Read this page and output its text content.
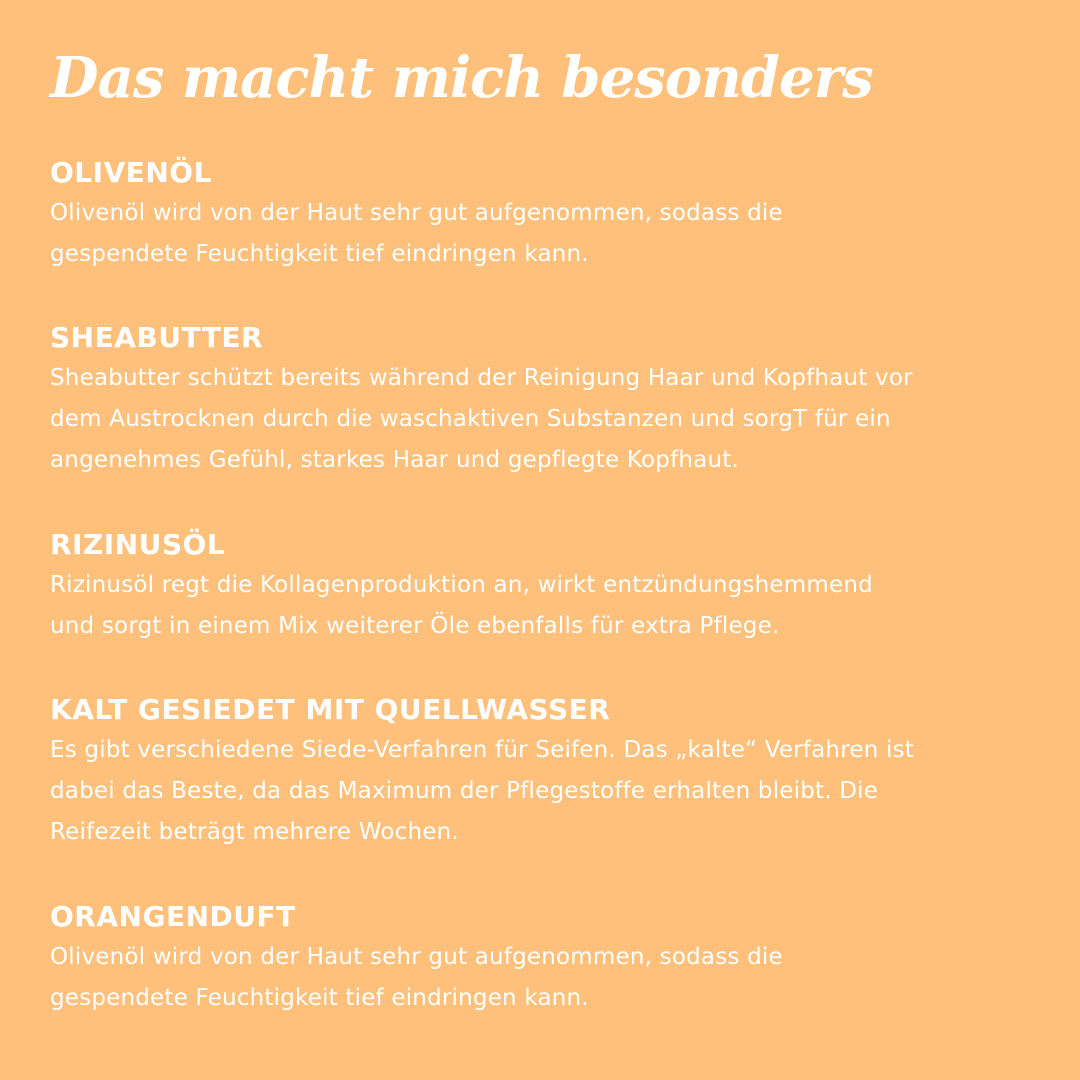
Das macht mich besonders
OLIVENÖL
Olivenöl wird von der Haut sehr gut aufgenommen, sodass die
gespendete Feuchtigkeit tief eindringen kann.
SHEABUTTER
Sheabutter schützt bereits während der Reinigung Haar und Kopfhaut vor
dem Austrocknen durch die waschaktiven Substanzen und sorgT für ein
angenehmes Gefühl, starkes Haar und gepflegte Kopfhaut.
RIZINUSÖL
Rizinusöl regt die Kollagenproduktion an, wirkt entzündungshemmend
und sorgt in einem Mix weiterer Öle ebenfalls für extra Pflege.
KALT GESIEDET MIT QUELLWASSER
Es gibt verschiedene Siede-Verfahren für Seifen. Das „kalte“ Verfahren ist
dabei das Beste, da das Maximum der Pflegestoffe erhalten bleibt. Die
Reifezeit beträgt mehrere Wochen.
ORANGENDUFT
Olivenöl wird von der Haut sehr gut aufgenommen, sodass die
gespendete Feuchtigkeit tief eindringen kann.
